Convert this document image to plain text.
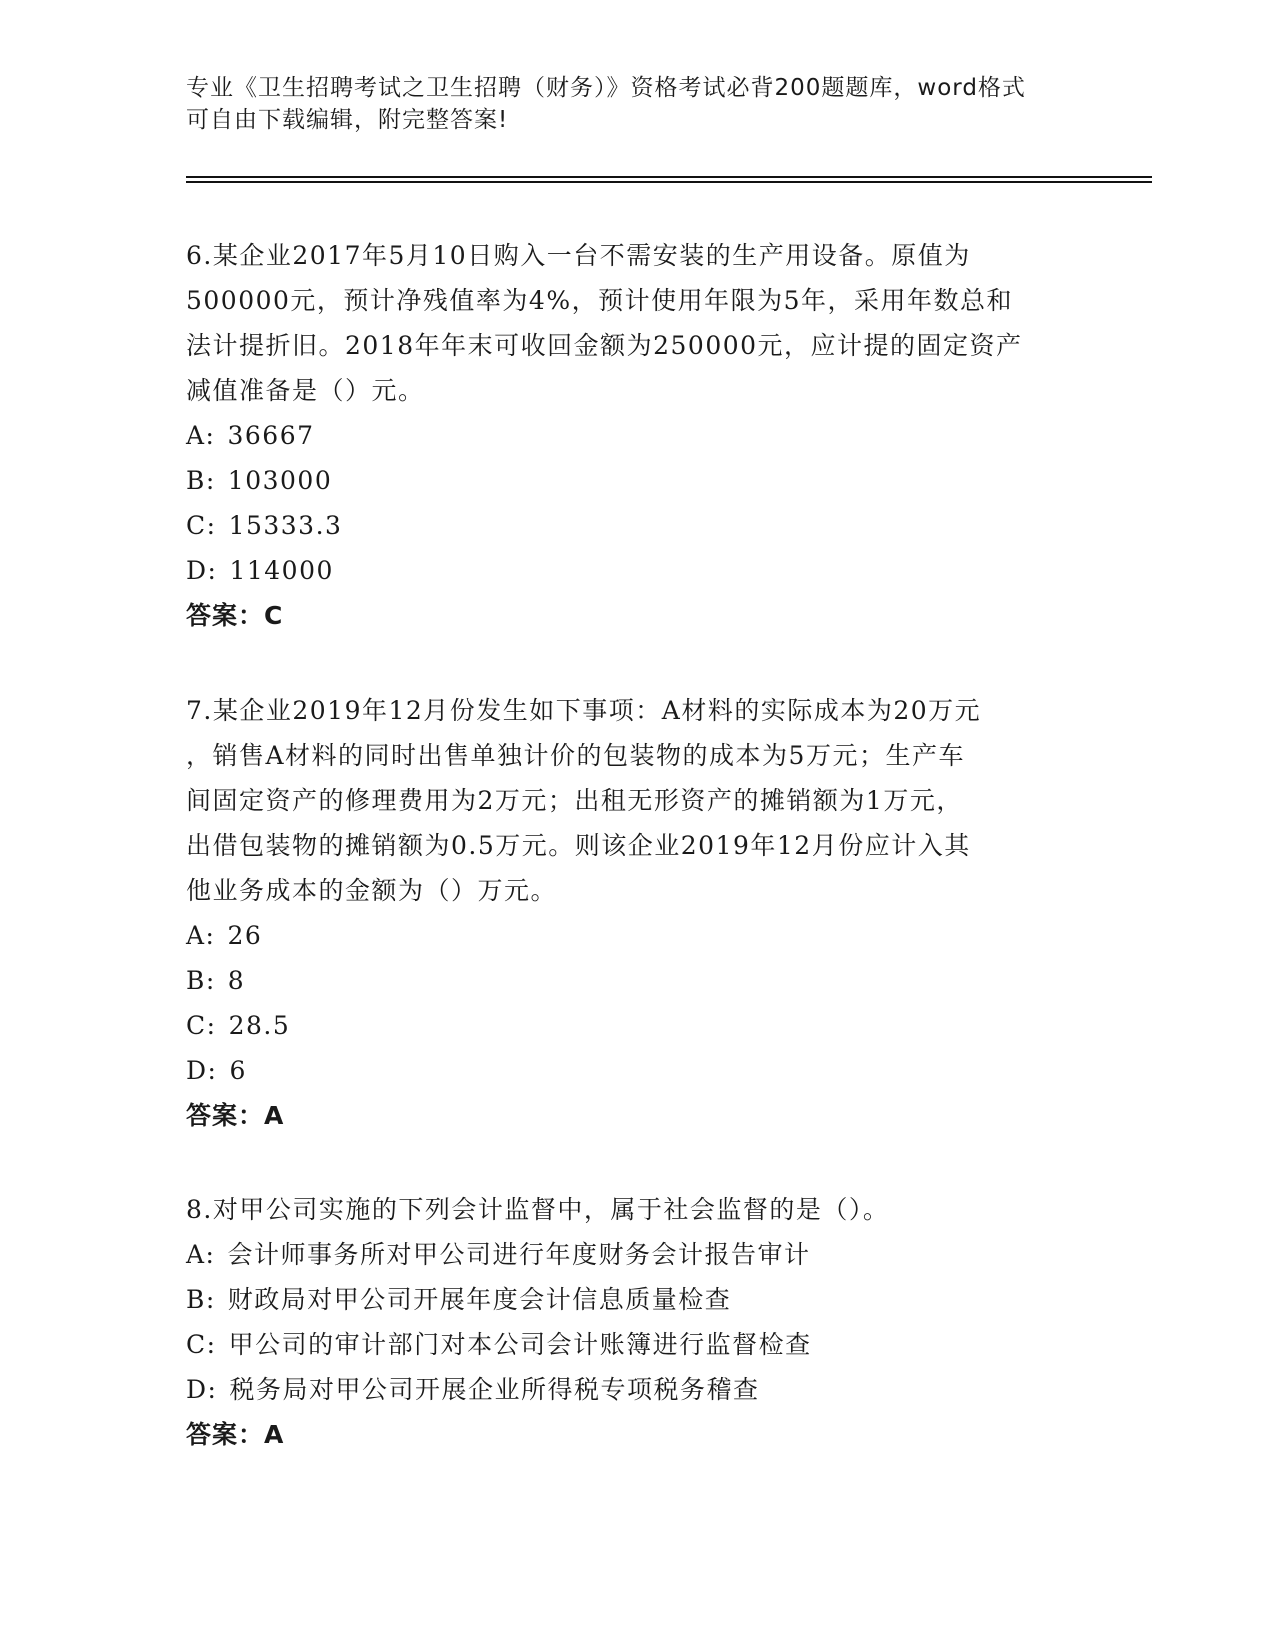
专业《卫生招聘考试之卫生招聘（财务）》资格考试必背200题题库，word格式
可自由下载编辑，附完整答案!
6.某企业2017年5月10日购入一台不需安装的生产用设备。原值为
500000元，预计净残值率为4%，预计使用年限为5年，采用年数总和
法计提折旧。2018年年末可收回金额为250000元，应计提的固定资产
减值准备是（）元。
A: 36667
B: 103000
C: 15333.3
D: 114000
答案：C
7.某企业2019年12月份发生如下事项：A材料的实际成本为20万元
，销售A材料的同时出售单独计价的包装物的成本为5万元；生产车
间固定资产的修理费用为2万元；出租无形资产的摊销额为1万元，
出借包装物的摊销额为0.5万元。则该企业2019年12月份应计入其
他业务成本的金额为（）万元。
A: 26
B: 8
C: 28.5
D: 6
答案：A
8.对甲公司实施的下列会计监督中，属于社会监督的是（）。
A: 会计师事务所对甲公司进行年度财务会计报告审计
B: 财政局对甲公司开展年度会计信息质量检查
C: 甲公司的审计部门对本公司会计账簿进行监督检查
D: 税务局对甲公司开展企业所得税专项税务稽查
答案：A
